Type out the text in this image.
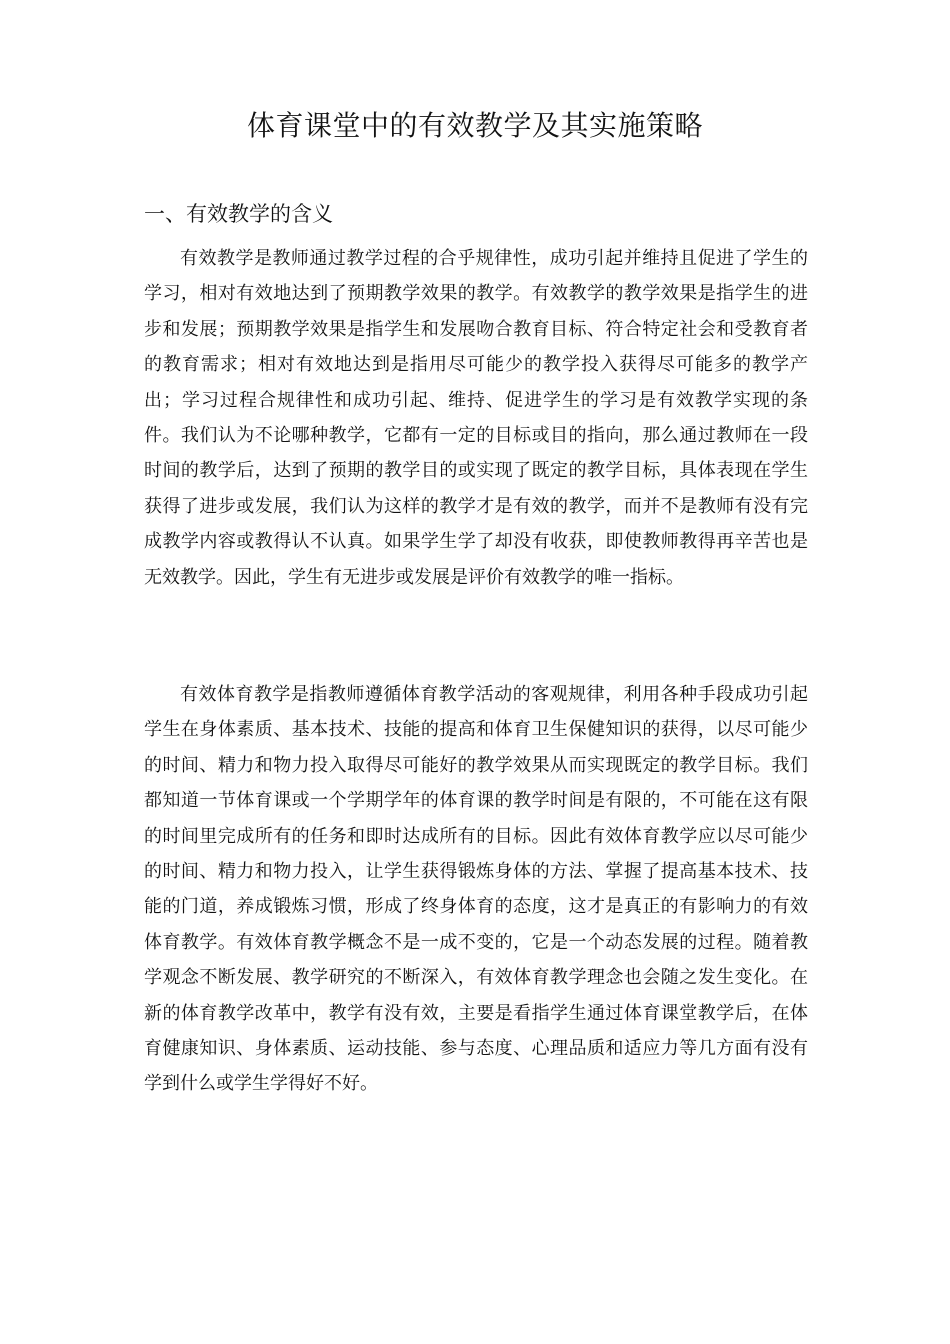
体育课堂中的有效教学及其实施策略
一、有效教学的含义

有效教学是教师通过教学过程的合乎规律性，成功引起并维持且促进了学生的学习，相对有效地达到了预期教学效果的教学。有效教学的教学效果是指学生的进步和发展；预期教学效果是指学生和发展吻合教育目标、符合特定社会和受教育者的教育需求；相对有效地达到是指用尽可能少的教学投入获得尽可能多的教学产出；学习过程合规律性和成功引起、维持、促进学生的学习是有效教学实现的条件。我们认为不论哪种教学，它都有一定的目标或目的指向，那么通过教师在一段时间的教学后，达到了预期的教学目的或实现了既定的教学目标，具体表现在学生获得了进步或发展，我们认为这样的教学才是有效的教学，而并不是教师有没有完成教学内容或教得认不认真。如果学生学了却没有收获，即使教师教得再辛苦也是无效教学。因此，学生有无进步或发展是评价有效教学的唯一指标。

有效体育教学是指教师遵循体育教学活动的客观规律，利用各种手段成功引起学生在身体素质、基本技术、技能的提高和体育卫生保健知识的获得，以尽可能少的时间、精力和物力投入取得尽可能好的教学效果从而实现既定的教学目标。我们都知道一节体育课或一个学期学年的体育课的教学时间是有限的，不可能在这有限的时间里完成所有的任务和即时达成所有的目标。因此有效体育教学应以尽可能少的时间、精力和物力投入，让学生获得锻炼身体的方法、掌握了提高基本技术、技能的门道，养成锻炼习惯，形成了终身体育的态度，这才是真正的有影响力的有效体育教学。有效体育教学概念不是一成不变的，它是一个动态发展的过程。随着教学观念不断发展、教学研究的不断深入，有效体育教学理念也会随之发生变化。在新的体育教学改革中，教学有没有效，主要是看指学生通过体育课堂教学后，在体育健康知识、身体素质、运动技能、参与态度、心理品质和适应力等几方面有没有学到什么或学生学得好不好。
